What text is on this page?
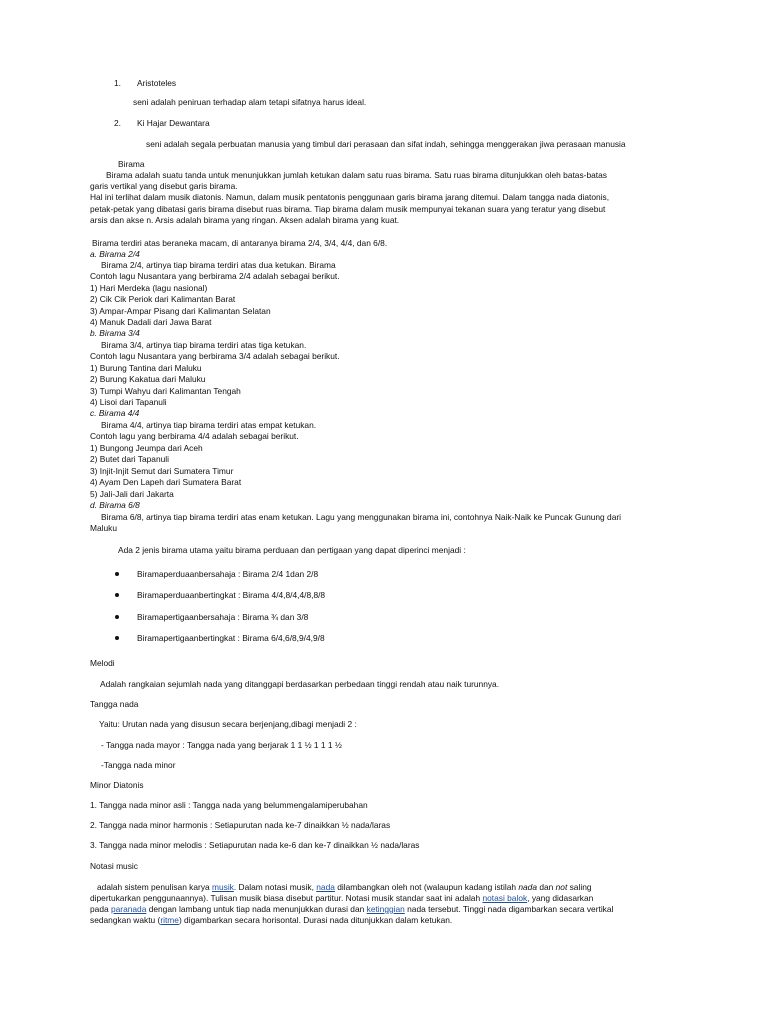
1. Aristoteles
seni adalah peniruan terhadap alam tetapi sifatnya harus ideal.
2. Ki Hajar Dewantara
seni adalah segala perbuatan manusia yang timbul dari perasaan dan sifat indah, sehingga menggerakan jiwa perasaan manusia
Birama
Birama adalah suatu tanda untuk menunjukkan jumlah ketukan dalam satu ruas birama. Satu ruas birama ditunjukkan oleh batas-batas
garis vertikal yang disebut garis birama.
Hal ini terlihat dalam musik diatonis. Namun, dalam musik pentatonis penggunaan garis birama jarang ditemui. Dalam tangga nada diatonis,
petak-petak yang dibatasi garis birama disebut ruas birama. Tiap birama dalam musik mempunyai tekanan suara yang teratur yang disebut
arsis dan akse n. Arsis adalah birama yang ringan. Aksen adalah birama yang kuat.
Birama terdiri atas beraneka macam, di antaranya birama 2/4, 3/4, 4/4, dan 6/8.
a. Birama 2/4
Birama 2/4, artinya tiap birama terdiri atas dua ketukan. Birama
Contoh lagu Nusantara yang berbirama 2/4 adalah sebagai berikut.
1) Hari Merdeka (lagu nasional)
2) Cik Cik Periok dari Kalimantan Barat
3) Ampar-Ampar Pisang dari Kalimantan Selatan
4) Manuk Dadali dari Jawa Barat
b. Birama 3/4
Birama 3/4, artinya tiap birama terdiri atas tiga ketukan.
Contoh lagu Nusantara yang berbirama 3/4 adalah sebagai berikut.
1) Burung Tantina dari Maluku
2) Burung Kakatua dari Maluku
3) Tumpi Wahyu dari Kalimantan Tengah
4) Lisoi dari Tapanuli
c. Birama 4/4
Birama 4/4, artinya tiap birama terdiri atas empat ketukan.
Contoh lagu yang berbirama 4/4 adalah sebagai berikut.
1) Bungong Jeumpa dari Aceh
2) Butet dari Tapanuli
3) Injit-Injit Semut dari Sumatera Timur
4) Ayam Den Lapeh dari Sumatera Barat
5) Jali-Jali dari Jakarta
d. Birama 6/8
Birama 6/8, artinya tiap birama terdiri atas enam ketukan. Lagu yang menggunakan birama ini, contohnya Naik-Naik ke Puncak Gunung dari
Maluku
Ada 2 jenis birama utama yaitu birama perduaan dan pertigaan yang dapat diperinci menjadi :
Biramaperduaanbersahaja : Birama 2/4 1dan 2/8
Biramaperduaanbertingkat : Birama 4/4,8/4,4/8,8/8
Biramapertigaanbersahaja : Birama ¾ dan 3/8
Biramapertigaanbertingkat : Birama 6/4,6/8,9/4,9/8
Melodi
Adalah rangkaian sejumlah nada yang ditanggapi berdasarkan perbedaan tinggi rendah atau naik turunnya.
Tangga nada
Yaitu: Urutan nada yang disusun secara berjenjang,dibagi menjadi 2 :
- Tangga nada mayor : Tangga nada yang berjarak 1 1 ½ 1 1 1 ½
-Tangga nada minor
Minor Diatonis
1. Tangga nada minor asli : Tangga nada yang belummengalamiperubahan
2. Tangga nada minor harmonis : Setiapurutan nada ke-7 dinaikkan ½ nada/laras
3. Tangga nada minor melodis : Setiapurutan nada ke-6 dan ke-7 dinaikkan ½ nada/laras
Notasi music
adalah sistem penulisan karya musik. Dalam notasi musik, nada dilambangkan oleh not (walaupun kadang istilah nada dan not saling
dipertukarkan penggunaannya). Tulisan musik biasa disebut partitur. Notasi musik standar saat ini adalah notasi balok, yang didasarkan
pada paranada dengan lambang untuk tiap nada menunjukkan durasi dan ketinggian nada tersebut. Tinggi nada digambarkan secara vertikal
sedangkan waktu (ritme) digambarkan secara horisontal. Durasi nada ditunjukkan dalam ketukan.
